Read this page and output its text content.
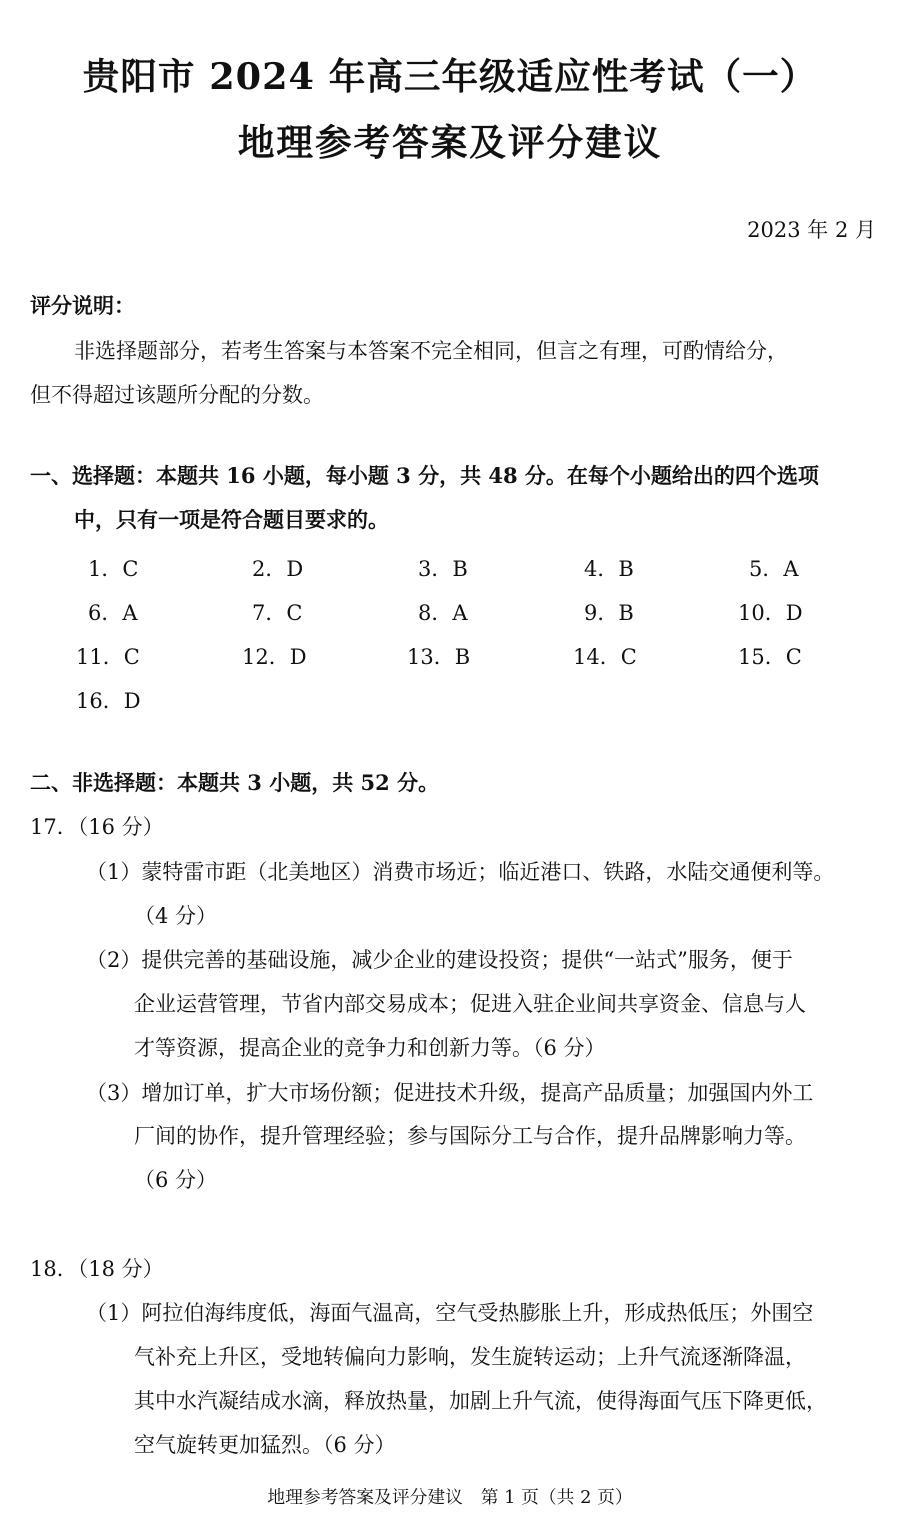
贵阳市 2024 年高三年级适应性考试（一）
地理参考答案及评分建议
2023 年 2 月
评分说明：
非选择题部分，若考生答案与本答案不完全相同，但言之有理，可酌情给分，
但不得超过该题所分配的分数。
一、选择题：本题共 16 小题，每小题 3 分，共 48 分。在每个小题给出的四个选项
中，只有一项是符合题目要求的。
1．C	2．D	3．B	4．B	5．A
6．A	7．C	8．A	9．B	10．D
11．C	12．D	13．B	14．C	15．C
16．D
二、非选择题：本题共 3 小题，共 52 分。
17．（16 分）
（1）蒙特雷市距（北美地区）消费市场近；临近港口、铁路，水陆交通便利等。
（4 分）
（2）提供完善的基础设施，减少企业的建设投资；提供“一站式”服务，便于
企业运营管理，节省内部交易成本；促进入驻企业间共享资金、信息与人
才等资源，提高企业的竞争力和创新力等。（6 分）
（3）增加订单，扩大市场份额；促进技术升级，提高产品质量；加强国内外工
厂间的协作，提升管理经验；参与国际分工与合作，提升品牌影响力等。
（6 分）
18．（18 分）
（1）阿拉伯海纬度低，海面气温高，空气受热膨胀上升，形成热低压；外围空
气补充上升区，受地转偏向力影响，发生旋转运动；上升气流逐渐降温，
其中水汽凝结成水滴，释放热量，加剧上升气流，使得海面气压下降更低，
空气旋转更加猛烈。（6 分）
地理参考答案及评分建议　第 1 页（共 2 页）
